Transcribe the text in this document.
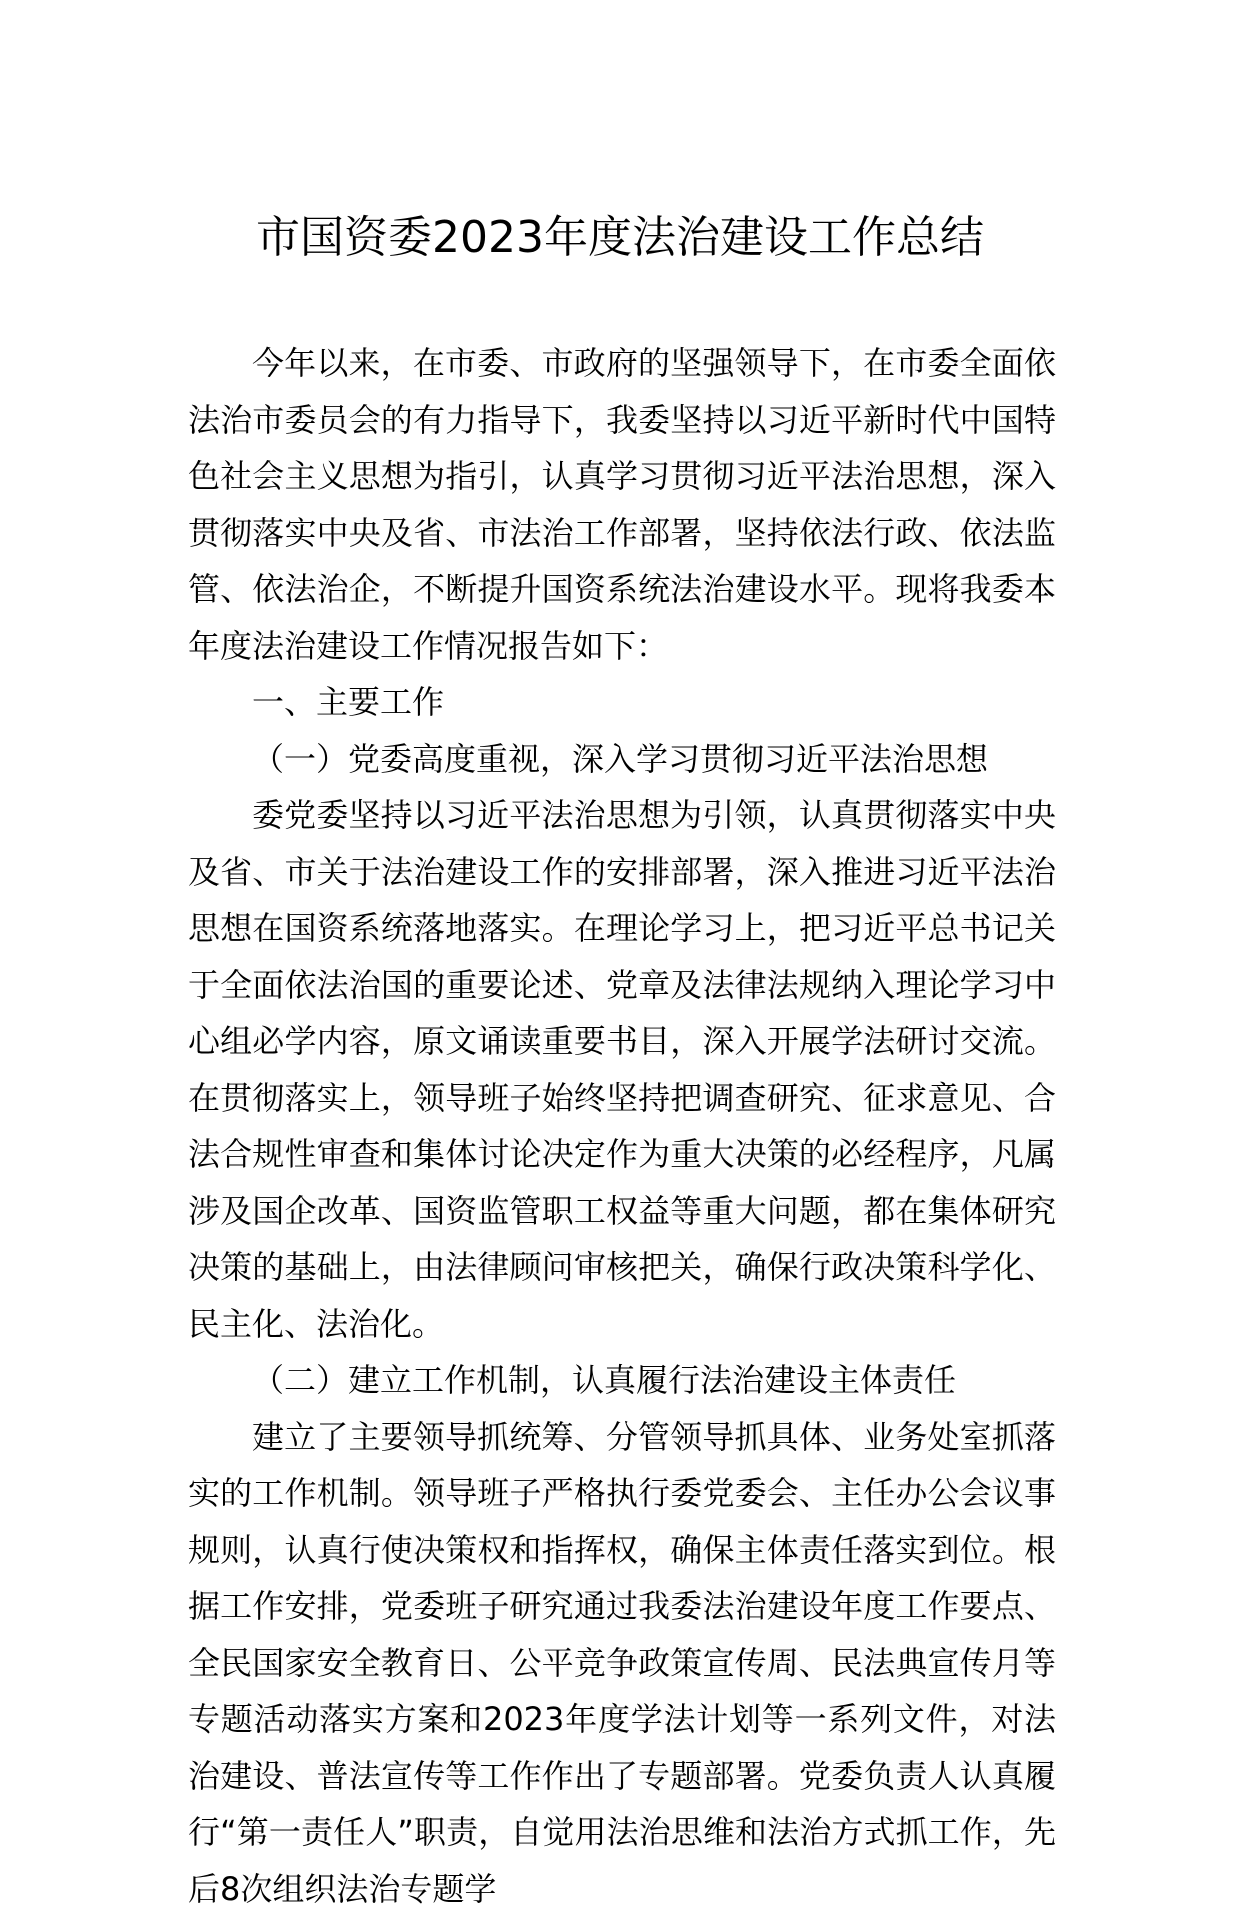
市国资委2023年度法治建设工作总结

今年以来，在市委、市政府的坚强领导下，在市委全面依法治市委员会的有力指导下，我委坚持以习近平新时代中国特色社会主义思想为指引，认真学习贯彻习近平法治思想，深入贯彻落实中央及省、市法治工作部署，坚持依法行政、依法监管、依法治企，不断提升国资系统法治建设水平。现将我委本年度法治建设工作情况报告如下：

一、主要工作

（一）党委高度重视，深入学习贯彻习近平法治思想

委党委坚持以习近平法治思想为引领，认真贯彻落实中央及省、市关于法治建设工作的安排部署，深入推进习近平法治思想在国资系统落地落实。在理论学习上，把习近平总书记关于全面依法治国的重要论述、党章及法律法规纳入理论学习中心组必学内容，原文诵读重要书目，深入开展学法研讨交流。在贯彻落实上，领导班子始终坚持把调查研究、征求意见、合法合规性审查和集体讨论决定作为重大决策的必经程序，凡属涉及国企改革、国资监管职工权益等重大问题，都在集体研究决策的基础上，由法律顾问审核把关，确保行政决策科学化、民主化、法治化。

（二）建立工作机制，认真履行法治建设主体责任

建立了主要领导抓统筹、分管领导抓具体、业务处室抓落实的工作机制。领导班子严格执行委党委会、主任办公会议事规则，认真行使决策权和指挥权，确保主体责任落实到位。根据工作安排，党委班子研究通过我委法治建设年度工作要点、全民国家安全教育日、公平竞争政策宣传周、民法典宣传月等专题活动落实方案和2023年度学法计划等一系列文件，对法治建设、普法宣传等工作作出了专题部署。党委负责人认真履行“第一责任人”职责，自觉用法治思维和法治方式抓工作，先后8次组织法治专题学
